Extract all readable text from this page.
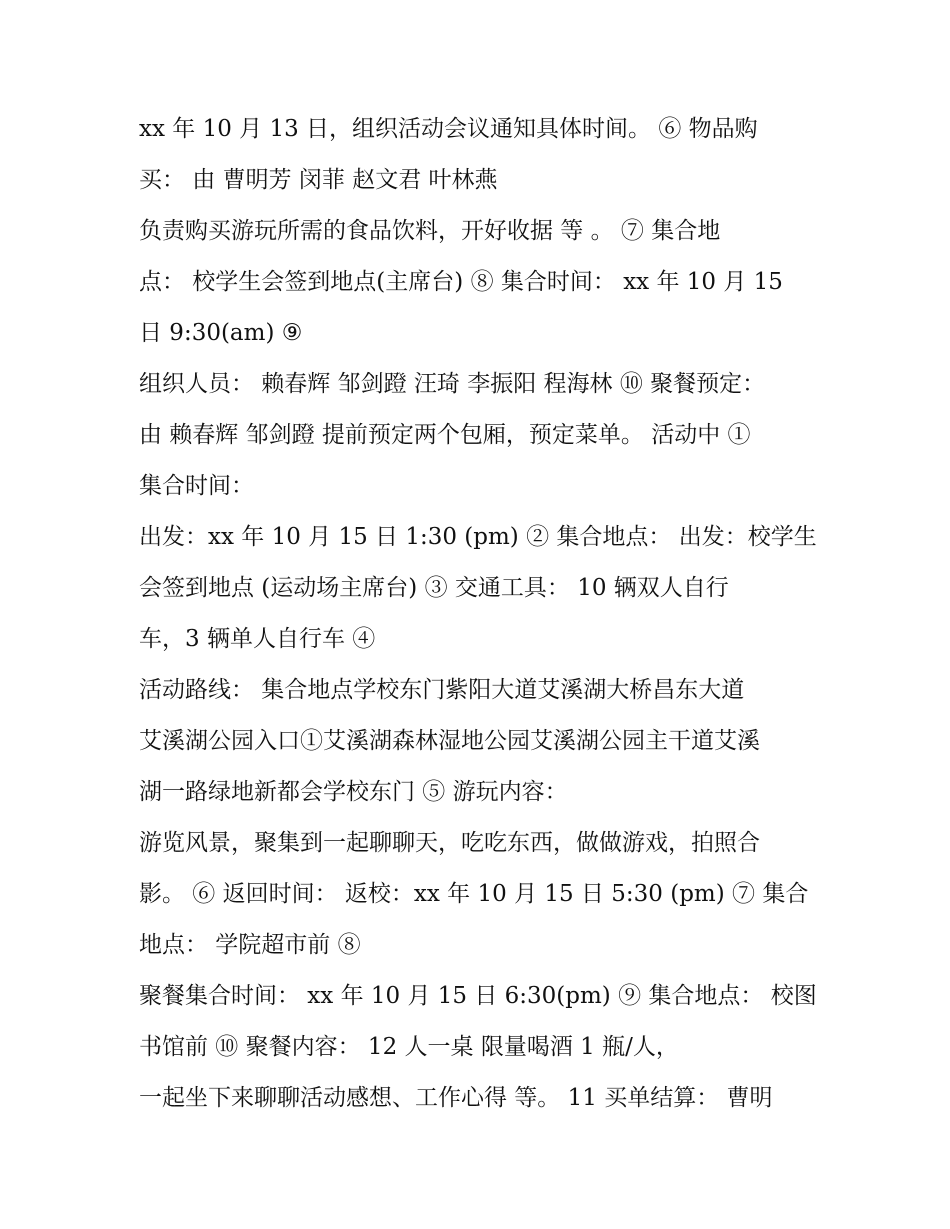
xx 年 10 月 13 日，组织活动会议通知具体时间。 ⑥ 物品购
买： 由 曹明芳 闵菲 赵文君 叶林燕
负责购买游玩所需的食品饮料，开好收据 等 。 ⑦ 集合地
点： 校学生会签到地点(主席台) ⑧ 集合时间： xx 年 10 月 15
日 9:30(am) ⑨
组织人员： 赖春辉 邹剑蹬 汪琦 李振阳 程海林 ⑩ 聚餐预定：
由 赖春辉 邹剑蹬 提前预定两个包厢，预定菜单。 活动中 ①
集合时间：
出发：xx 年 10 月 15 日 1:30 (pm) ② 集合地点： 出发：校学生
会签到地点 (运动场主席台) ③ 交通工具： 10 辆双人自行
车，3 辆单人自行车 ④
活动路线： 集合地点学校东门紫阳大道艾溪湖大桥昌东大道
艾溪湖公园入口①艾溪湖森林湿地公园艾溪湖公园主干道艾溪
湖一路绿地新都会学校东门 ⑤ 游玩内容：
游览风景，聚集到一起聊聊天，吃吃东西，做做游戏，拍照合
影。 ⑥ 返回时间： 返校：xx 年 10 月 15 日 5:30 (pm) ⑦ 集合
地点： 学院超市前 ⑧
聚餐集合时间： xx 年 10 月 15 日 6:30(pm) ⑨ 集合地点： 校图
书馆前 ⑩ 聚餐内容： 12 人一桌 限量喝酒 1 瓶/人，
一起坐下来聊聊活动感想、工作心得 等。 11 买单结算： 曹明
